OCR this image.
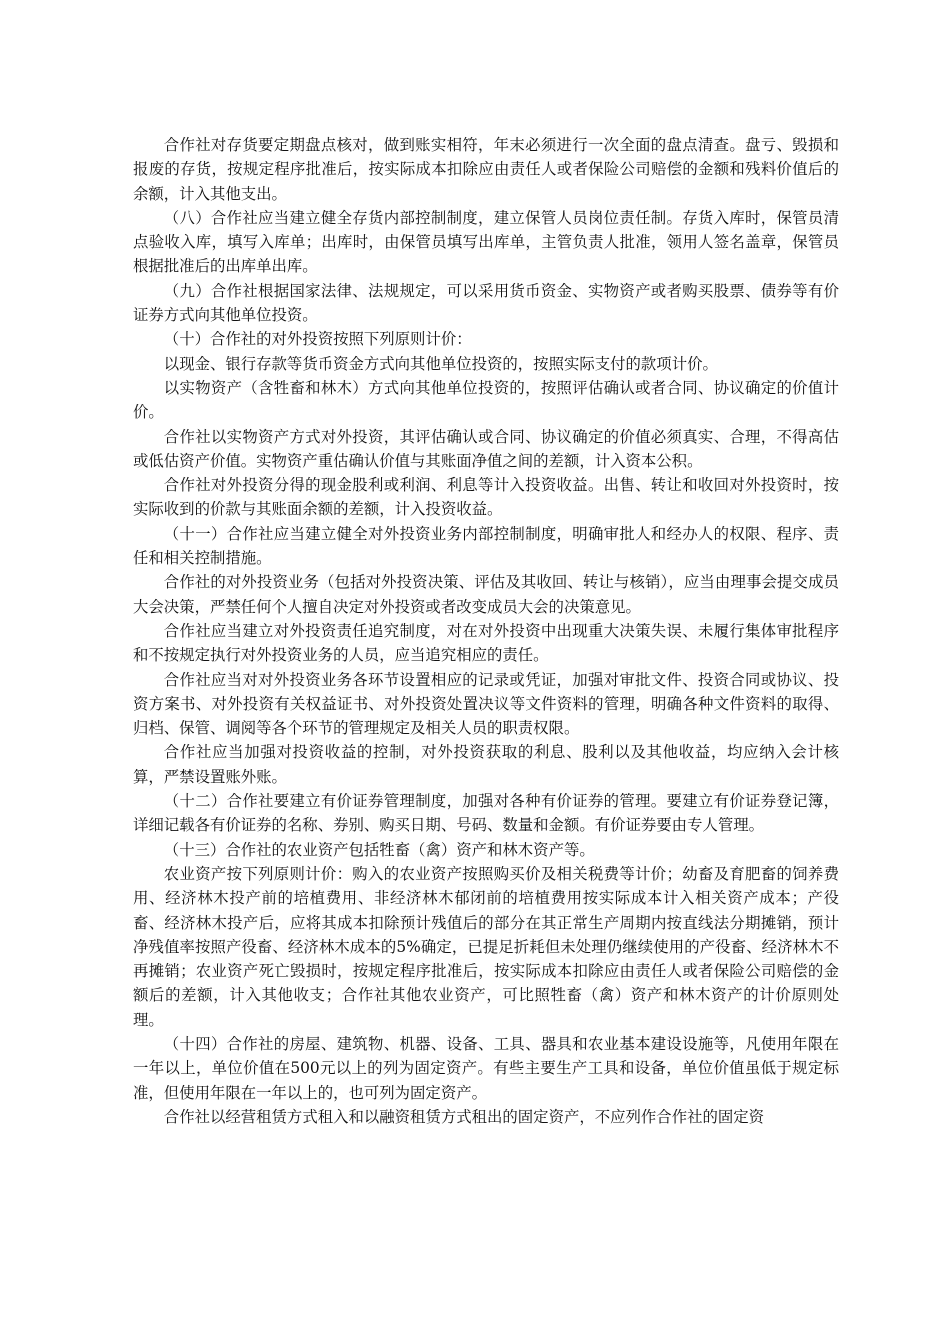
合作社对存货要定期盘点核对，做到账实相符，年末必须进行一次全面的盘点清查。盘亏、毁损和报废的存货，按规定程序批准后，按实际成本扣除应由责任人或者保险公司赔偿的金额和残料价值后的余额，计入其他支出。

（八）合作社应当建立健全存货内部控制制度，建立保管人员岗位责任制。存货入库时，保管员清点验收入库，填写入库单；出库时，由保管员填写出库单，主管负责人批准，领用人签名盖章，保管员根据批准后的出库单出库。

（九）合作社根据国家法律、法规规定，可以采用货币资金、实物资产或者购买股票、债券等有价证券方式向其他单位投资。

（十）合作社的对外投资按照下列原则计价：

以现金、银行存款等货币资金方式向其他单位投资的，按照实际支付的款项计价。

以实物资产（含牲畜和林木）方式向其他单位投资的，按照评估确认或者合同、协议确定的价值计价。

合作社以实物资产方式对外投资，其评估确认或合同、协议确定的价值必须真实、合理，不得高估或低估资产价值。实物资产重估确认价值与其账面净值之间的差额，计入资本公积。

合作社对外投资分得的现金股利或利润、利息等计入投资收益。出售、转让和收回对外投资时，按实际收到的价款与其账面余额的差额，计入投资收益。

（十一）合作社应当建立健全对外投资业务内部控制制度，明确审批人和经办人的权限、程序、责任和相关控制措施。

合作社的对外投资业务（包括对外投资决策、评估及其收回、转让与核销），应当由理事会提交成员大会决策，严禁任何个人擅自决定对外投资或者改变成员大会的决策意见。

合作社应当建立对外投资责任追究制度，对在对外投资中出现重大决策失误、未履行集体审批程序和不按规定执行对外投资业务的人员，应当追究相应的责任。

合作社应当对对外投资业务各环节设置相应的记录或凭证，加强对审批文件、投资合同或协议、投资方案书、对外投资有关权益证书、对外投资处置决议等文件资料的管理，明确各种文件资料的取得、归档、保管、调阅等各个环节的管理规定及相关人员的职责权限。

合作社应当加强对投资收益的控制，对外投资获取的利息、股利以及其他收益，均应纳入会计核算，严禁设置账外账。

（十二）合作社要建立有价证券管理制度，加强对各种有价证券的管理。要建立有价证券登记簿，详细记载各有价证券的名称、券别、购买日期、号码、数量和金额。有价证券要由专人管理。

（十三）合作社的农业资产包括牲畜（禽）资产和林木资产等。

农业资产按下列原则计价：购入的农业资产按照购买价及相关税费等计价；幼畜及育肥畜的饲养费用、经济林木投产前的培植费用、非经济林木郁闭前的培植费用按实际成本计入相关资产成本；产役畜、经济林木投产后，应将其成本扣除预计残值后的部分在其正常生产周期内按直线法分期摊销，预计净残值率按照产役畜、经济林木成本的5%确定，已提足折耗但未处理仍继续使用的产役畜、经济林木不再摊销；农业资产死亡毁损时，按规定程序批准后，按实际成本扣除应由责任人或者保险公司赔偿的金额后的差额，计入其他收支；合作社其他农业资产，可比照牲畜（禽）资产和林木资产的计价原则处理。

（十四）合作社的房屋、建筑物、机器、设备、工具、器具和农业基本建设设施等，凡使用年限在一年以上，单位价值在500元以上的列为固定资产。有些主要生产工具和设备，单位价值虽低于规定标准，但使用年限在一年以上的，也可列为固定资产。

合作社以经营租赁方式租入和以融资租赁方式租出的固定资产，不应列作合作社的固定资
